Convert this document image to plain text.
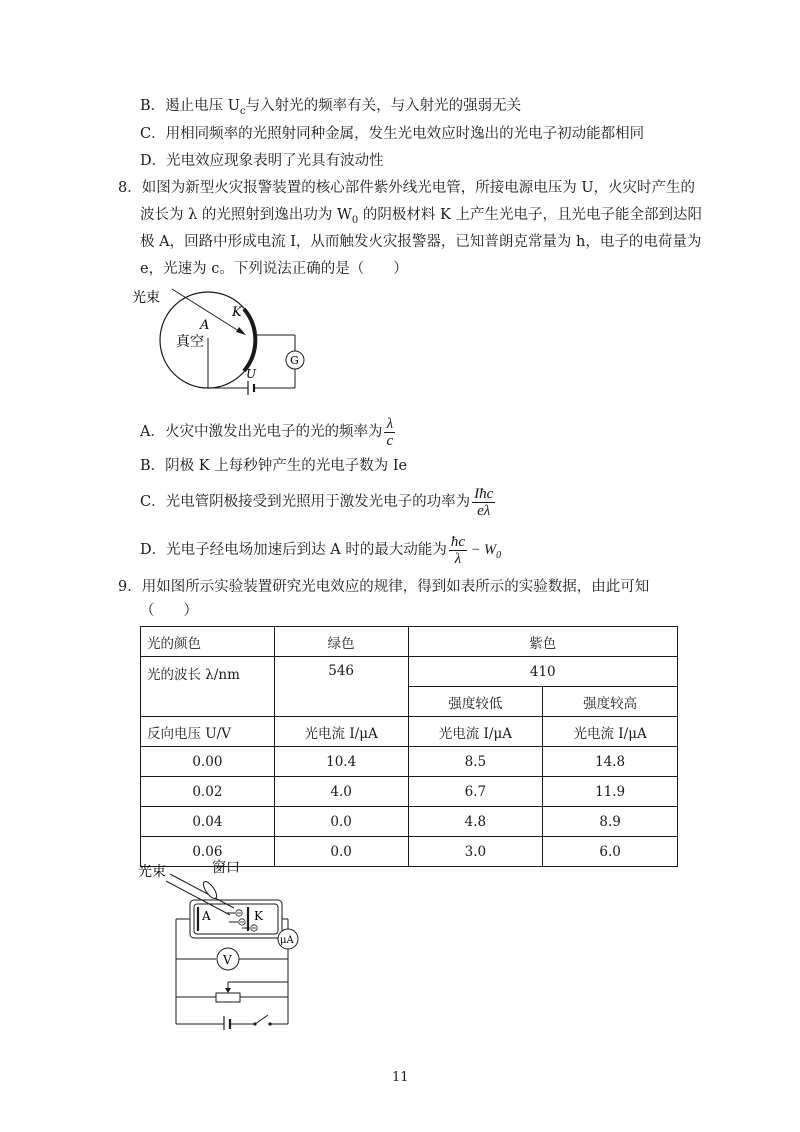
B．遏止电压 $U_c$与入射光的频率有关，与入射光的强弱无关
C．用相同频率的光照射同种金属，发生光电效应时逸出的光电子初动能都相同
D．光电效应现象表明了光具有波动性
8．如图为新型火灾报警装置的核心部件紫外线光电管，所接电源电压为 U，火灾时产生的
波长为 λ 的光照射到逸出功为 $W_0$ 的阴极材料 K 上产生光电子，且光电子能全部到达阳
极 A，回路中形成电流 I，从而触发火灾报警器，已知普朗克常量为 h，电子的电荷量为
e，光速为 c。下列说法正确的是（　　）
光束
A
K
真空
G
U
A．火灾中激发出光电子的光的频率为 $\frac{\lambda}{c}$
B．阴极 K 上每秒钟产生的光电子数为 Ie
C．光电管阴极接受到光照用于激发光电子的功率为 $\frac{\text{Iħc}}{e\lambda}$
D．光电子经电场加速后到达 A 时的最大动能为 $\frac{ħc}{\lambda} - W_0$
9．用如图所示实验装置研究光电效应的规律，得到如表所示的实验数据，由此可知
（　　）
光的颜色	绿色	紫色	
光的波长 λ/nm	546	410	
		强度较低	强度较高
反向电压 U/V	光电流 I/μA	光电流 I/μA	光电流 I/μA
0.00	10.4	8.5	14.8
0.02	4.0	6.7	11.9
0.04	0.0	4.8	8.9
0.06	0.0	3.0	6.0
光束	窗口
A	K
μA
V
11
